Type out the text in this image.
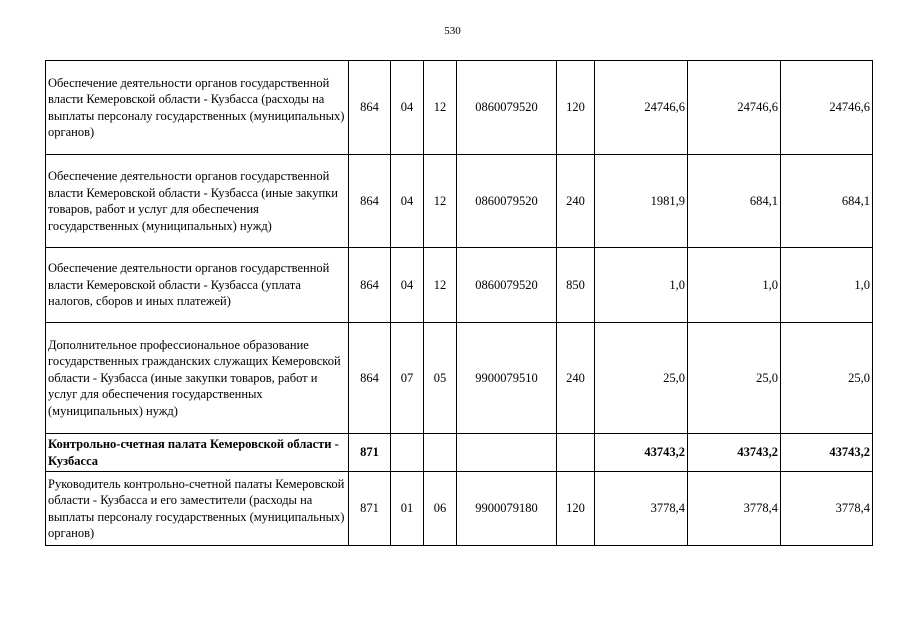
530
Обеспечение деятельности органов государственной власти Кемеровской области - Кузбасса (расходы на выплаты персоналу государственных (муниципальных) органов)	864	04	12	0860079520	120	24746,6	24746,6	24746,6
Обеспечение деятельности органов государственной власти Кемеровской области - Кузбасса (иные закупки товаров, работ и услуг для обеспечения государственных (муниципальных) нужд)	864	04	12	0860079520	240	1981,9	684,1	684,1
Обеспечение деятельности органов государственной власти Кемеровской области - Кузбасса (уплата налогов, сборов и иных платежей)	864	04	12	0860079520	850	1,0	1,0	1,0
Дополнительное профессиональное образование государственных гражданских служащих Кемеровской области - Кузбасса (иные закупки товаров, работ и услуг для обеспечения государственных (муниципальных) нужд)	864	07	05	9900079510	240	25,0	25,0	25,0
Контрольно-счетная палата Кемеровской области - Кузбасса	871					43743,2	43743,2	43743,2
Руководитель контрольно-счетной палаты Кемеровской области - Кузбасса и его заместители (расходы на выплаты персоналу государственных (муниципальных) органов)	871	01	06	9900079180	120	3778,4	3778,4	3778,4
